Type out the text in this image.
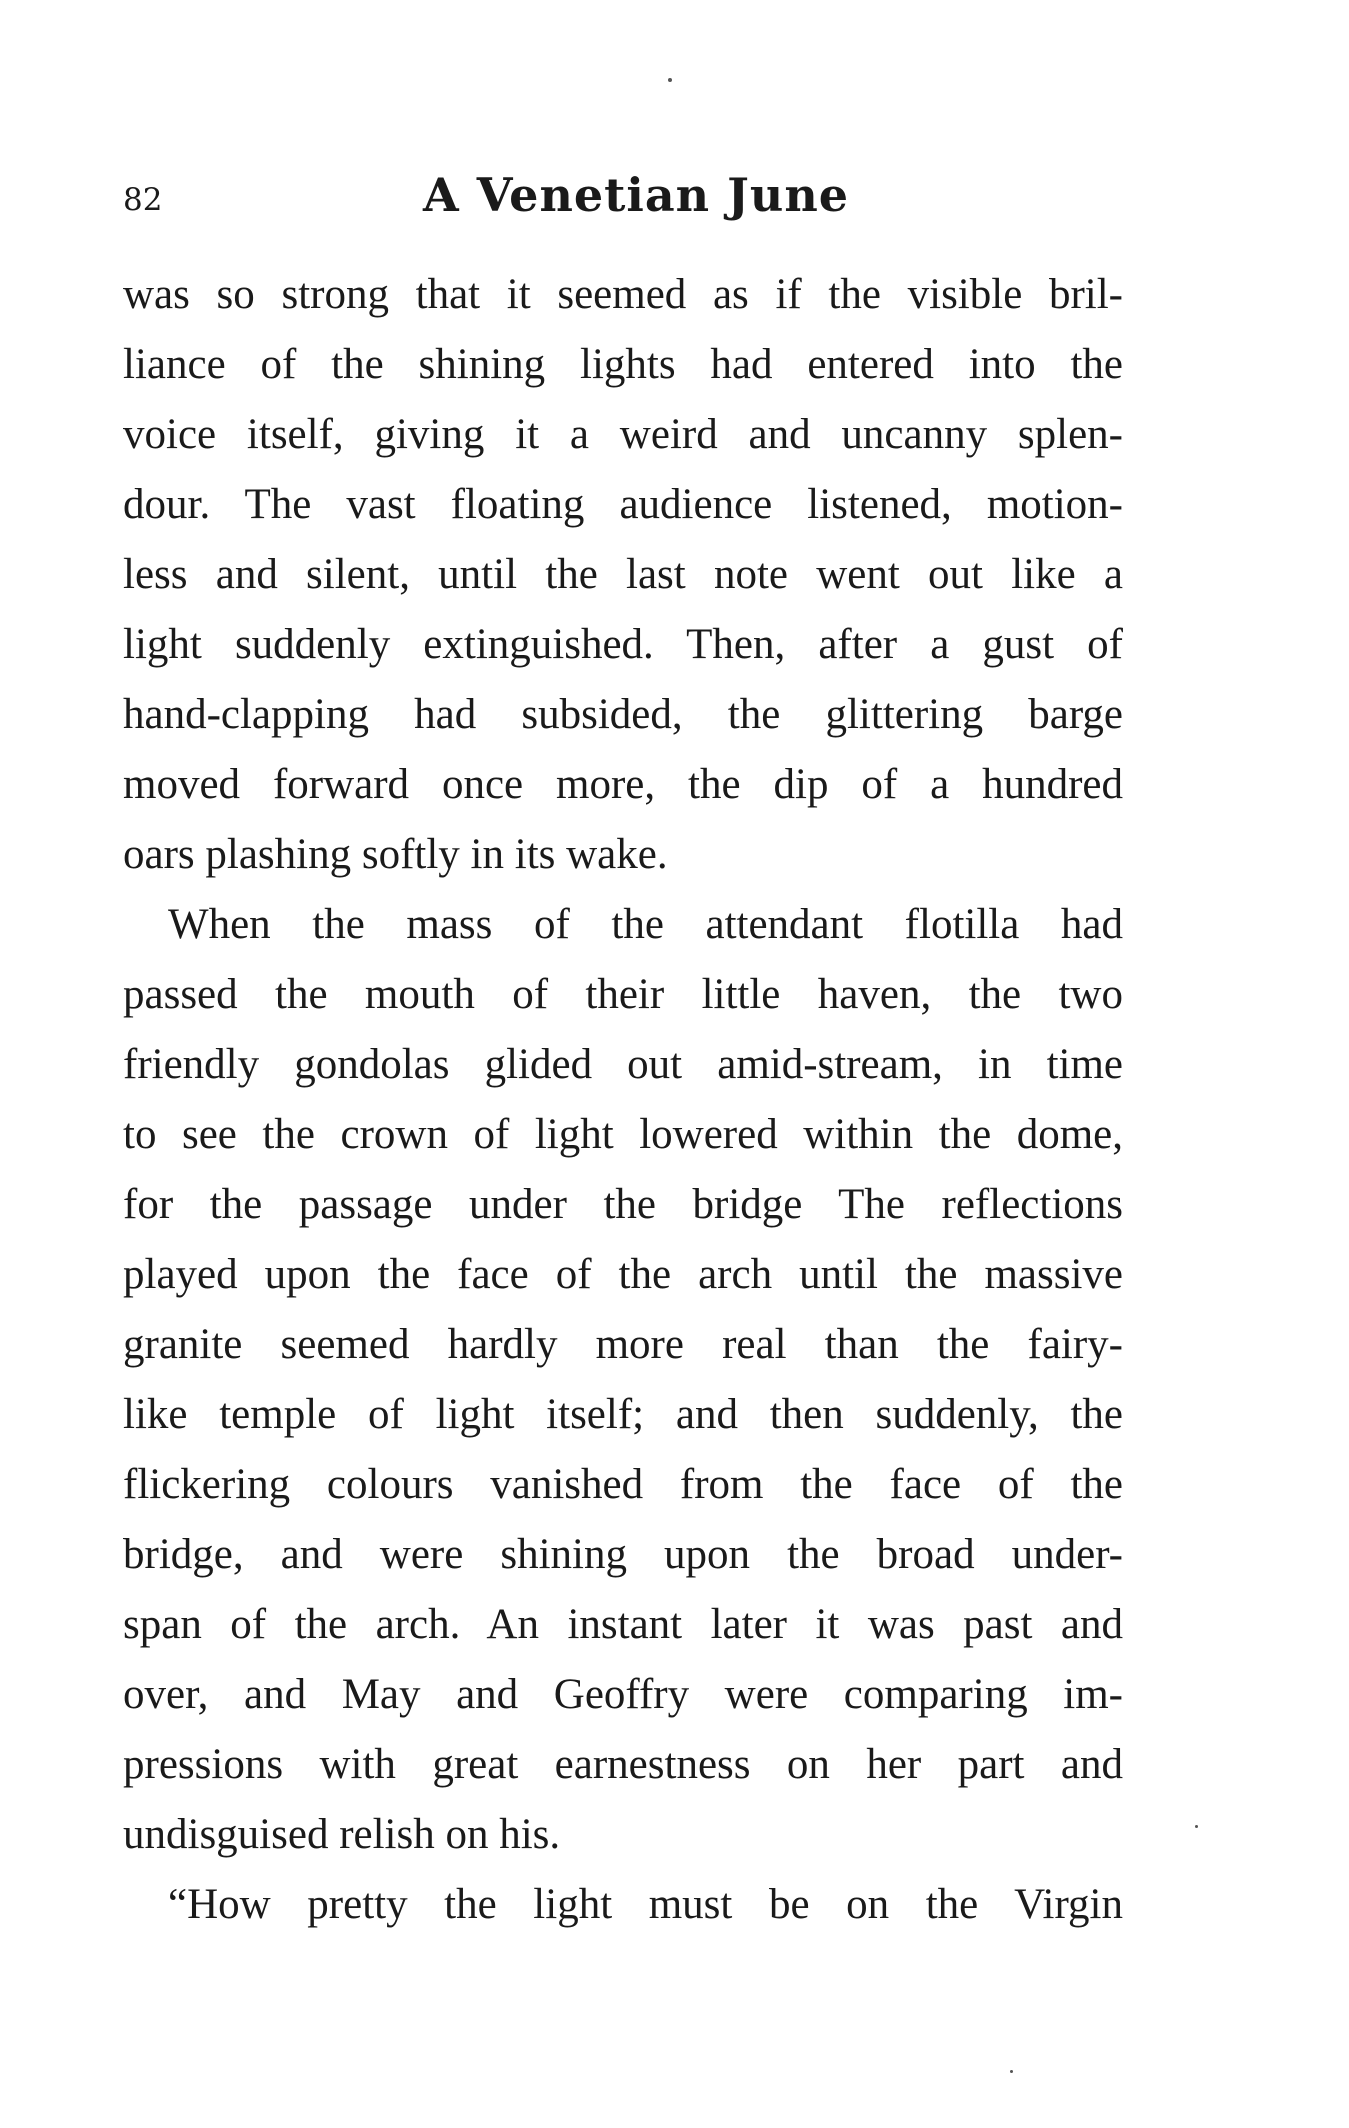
82	A Venetian June
was so strong that it seemed as if the visible bril-
liance of the shining lights had entered into the
voice itself, giving it a weird and uncanny splen-
dour. The vast floating audience listened, motion-
less and silent, until the last note went out like a
light suddenly extinguished. Then, after a gust of
hand-clapping had subsided, the glittering barge
moved forward once more, the dip of a hundred
oars plashing softly in its wake.
When the mass of the attendant flotilla had
passed the mouth of their little haven, the two
friendly gondolas glided out amid-stream, in time
to see the crown of light lowered within the dome,
for the passage under the bridge The reflections
played upon the face of the arch until the massive
granite seemed hardly more real than the fairy-
like temple of light itself; and then suddenly, the
flickering colours vanished from the face of the
bridge, and were shining upon the broad under-
span of the arch. An instant later it was past and
over, and May and Geoffry were comparing im-
pressions with great earnestness on her part and
undisguised relish on his.
“How pretty the light must be on the Virgin
